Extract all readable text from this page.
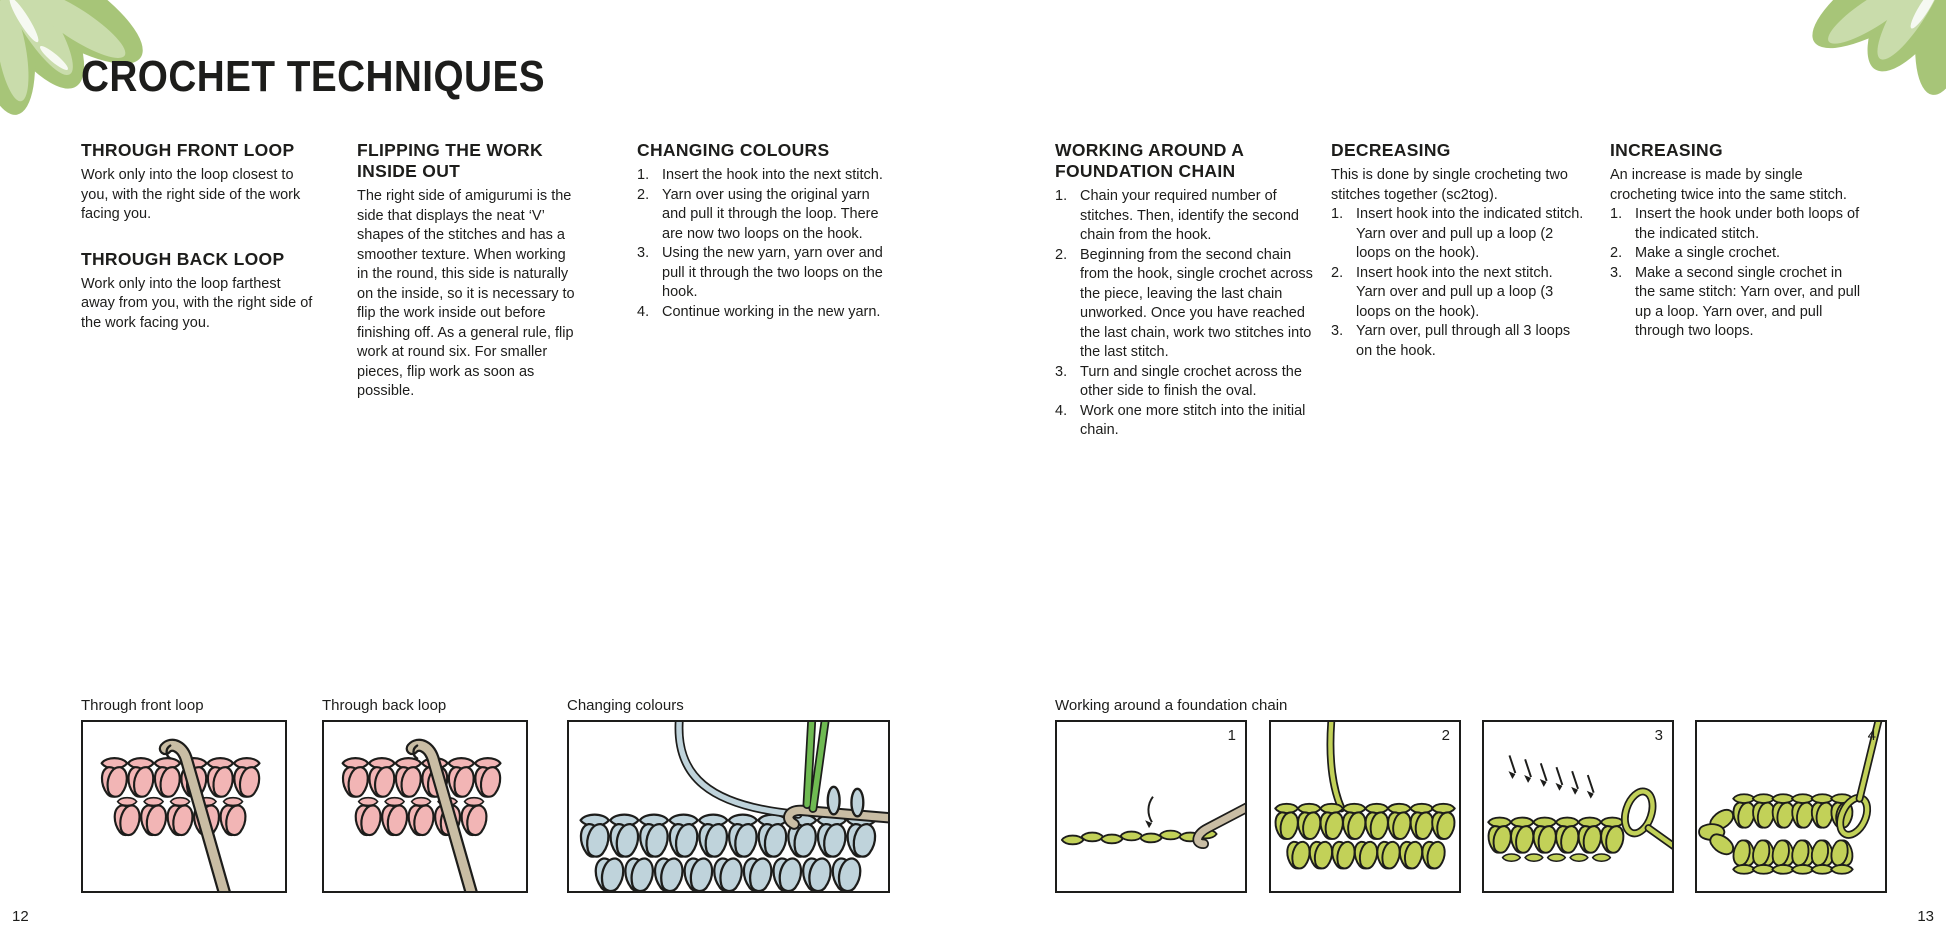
CROCHET TECHNIQUES
THROUGH FRONT LOOP

Work only into the loop closest to you, with the right side of the work facing you.

THROUGH BACK LOOP

Work only into the loop farthest away from you, with the right side of the work facing you.

FLIPPING THE WORK INSIDE OUT

The right side of amigurumi is the side that displays the neat ‘V’ shapes of the stitches and has a smoother texture. When working in the round, this side is naturally on the inside, so it is necessary to flip the work inside out before finishing off. As a general rule, flip work at round six. For smaller pieces, flip work as soon as possible.

CHANGING COLOURS
1. Insert the hook into the next stitch.
2. Yarn over using the original yarn and pull it through the loop. There are now two loops on the hook.
3. Using the new yarn, yarn over and pull it through the two loops on the hook.
4. Continue working in the new yarn.
WORKING AROUND A FOUNDATION CHAIN
1. Chain your required number of stitches. Then, identify the second chain from the hook.
2. Beginning from the second chain from the hook, single crochet across the piece, leaving the last chain unworked. Once you have reached the last chain, work two stitches into the last stitch.
3. Turn and single crochet across the other side to finish the oval.
4. Work one more stitch into the initial chain.
DECREASING

This is done by single crocheting two stitches together (sc2tog).

1. Insert hook into the indicated stitch. Yarn over and pull up a loop (2 loops on the hook).
2. Insert hook into the next stitch. Yarn over and pull up a loop (3 loops on the hook).
3. Yarn over, pull through all 3 loops on the hook.
INCREASING

An increase is made by single crocheting twice into the same stitch.

1. Insert the hook under both loops of the indicated stitch.
2. Make a single crochet.
3. Make a second single crochet in the same stitch: Yarn over, and pull up a loop. Yarn over, and pull through two loops.
Through front loop	Through back loop	Changing colours	Working around a foundation chain
1	2	3	4
12	13
